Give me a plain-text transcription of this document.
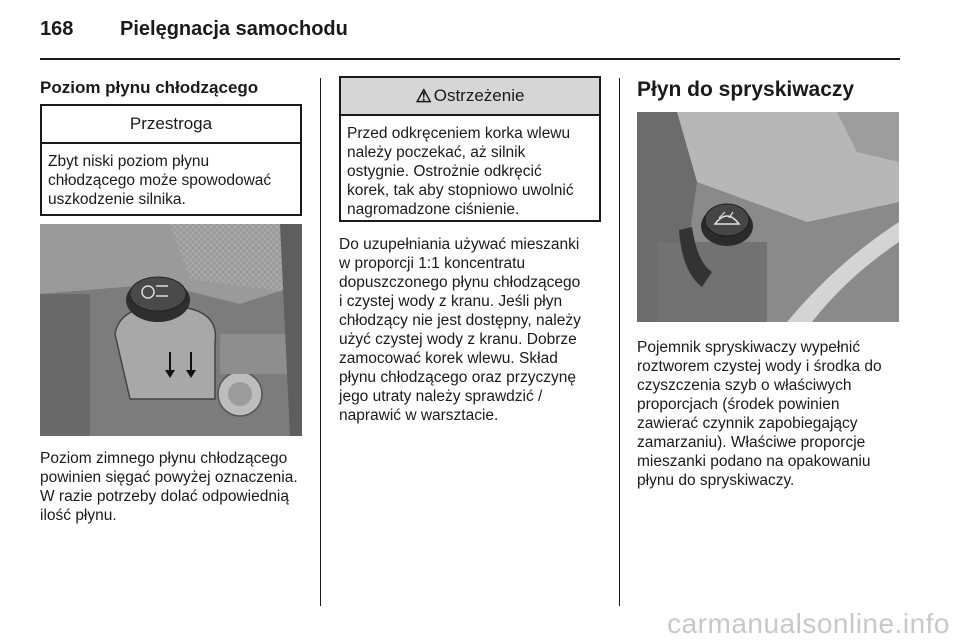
168 Pielęgnacja samochodu
Poziom płynu chłodzącego
Przestroga

Zbyt niski poziom płynu

chłodzącego może spowodować

uszkodzenie silnika.

Poziom zimnego płynu chłodzącego

powinien sięgać powyżej oznaczenia.

W razie potrzeby dolać odpowiednią

ilość płynu.

⚠ Ostrzeżenie

Przed odkręceniem korka wlewu

należy poczekać, aż silnik

ostygnie. Ostrożnie odkręcić

korek, tak aby stopniowo uwolnić

nagromadzone ciśnienie.

Do uzupełniania używać mieszanki

w proporcji 1:1 koncentratu

dopuszczonego płynu chłodzącego

i czystej wody z kranu. Jeśli płyn

chłodzący nie jest dostępny, należy

użyć czystej wody z kranu. Dobrze

zamocować korek wlewu. Skład

płynu chłodzącego oraz przyczynę

jego utraty należy sprawdzić /

naprawić w warsztacie.

Płyn do spryskiwaczy

Pojemnik spryskiwaczy wypełnić

roztworem czystej wody i środka do

czyszczenia szyb o właściwych

proporcjach (środek powinien

zawierać czynnik zapobiegający

zamarzaniu). Właściwe proporcje

mieszanki podano na opakowaniu

płynu do spryskiwaczy.

carmanualsonline.info
